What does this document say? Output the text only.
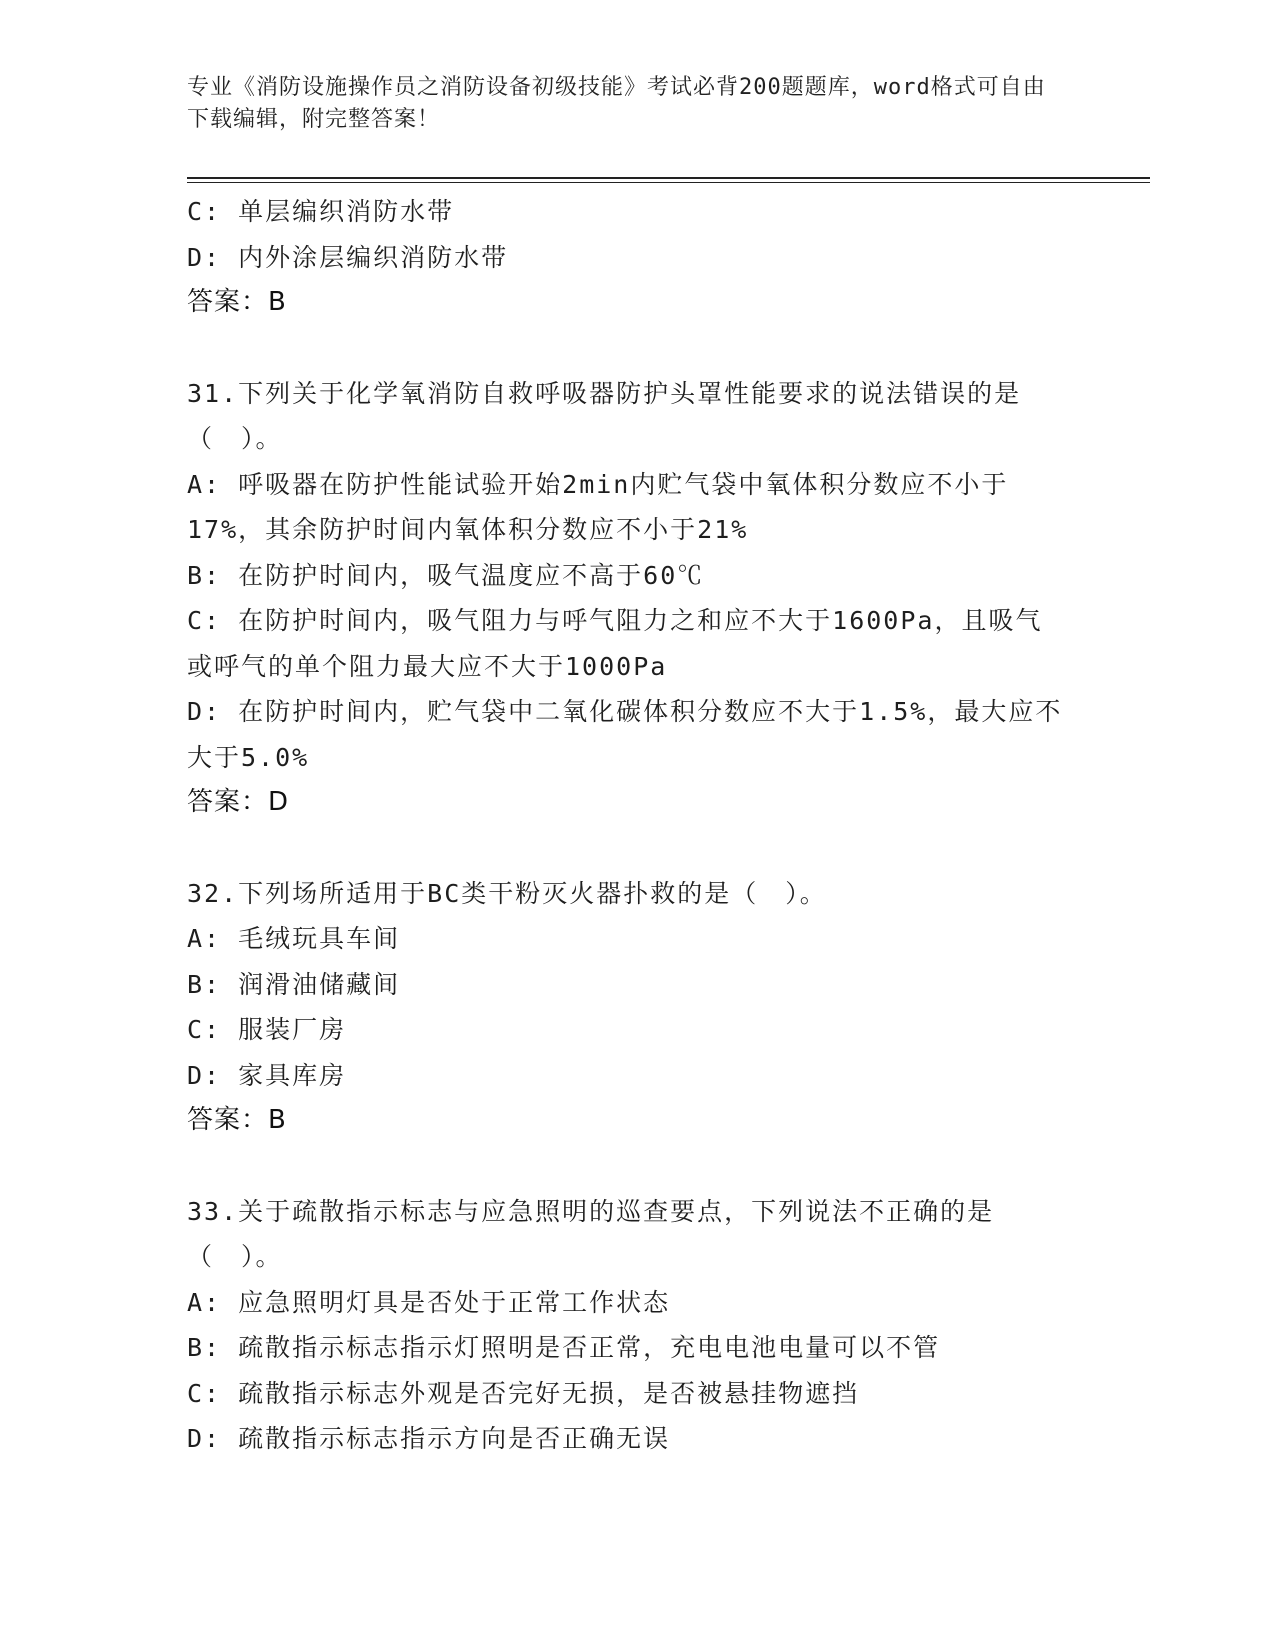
专业《消防设施操作员之消防设备初级技能》考试必背200题题库，word格式可自由下载编辑，附完整答案！
C: 单层编织消防水带
D: 内外涂层编织消防水带
答案：B
31.下列关于化学氧消防自救呼吸器防护头罩性能要求的说法错误的是（　）。
A: 呼吸器在防护性能试验开始2min内贮气袋中氧体积分数应不小于17%，其余防护时间内氧体积分数应不小于21%
B: 在防护时间内，吸气温度应不高于60℃
C: 在防护时间内，吸气阻力与呼气阻力之和应不大于1600Pa，且吸气或呼气的单个阻力最大应不大于1000Pa
D: 在防护时间内，贮气袋中二氧化碳体积分数应不大于1.5%，最大应不大于5.0%
答案：D
32.下列场所适用于BC类干粉灭火器扑救的是（　）。
A: 毛绒玩具车间
B: 润滑油储藏间
C: 服装厂房
D: 家具库房
答案：B
33.关于疏散指示标志与应急照明的巡查要点，下列说法不正确的是（　）。
A: 应急照明灯具是否处于正常工作状态
B: 疏散指示标志指示灯照明是否正常，充电电池电量可以不管
C: 疏散指示标志外观是否完好无损，是否被悬挂物遮挡
D: 疏散指示标志指示方向是否正确无误
